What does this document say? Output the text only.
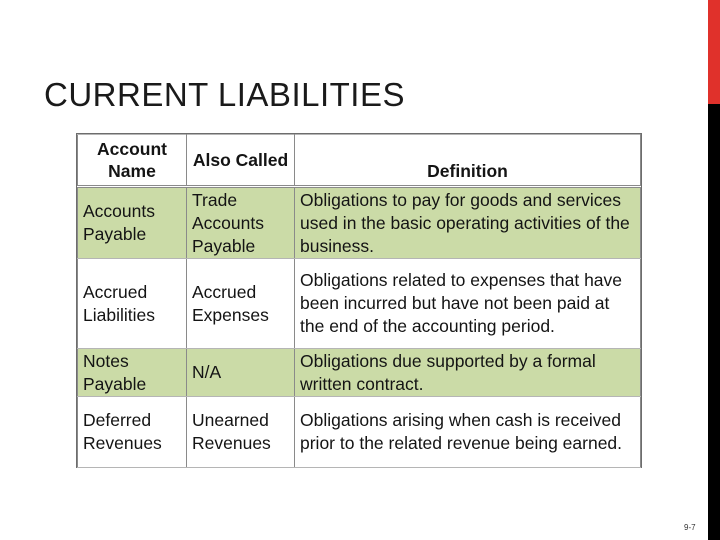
CURRENT LIABILITIES
Account Name	Also Called	Definition
Accounts Payable	Trade Accounts Payable	Obligations to pay for goods and services used in the basic operating activities of the business.
Accrued Liabilities	Accrued Expenses	Obligations related to expenses that have been incurred but have not been paid at the end of the accounting period.
Notes Payable	N/A	Obligations due supported by a formal written contract.
Deferred Revenues	Unearned Revenues	Obligations arising when cash is received prior to the related revenue being earned.
9-7
